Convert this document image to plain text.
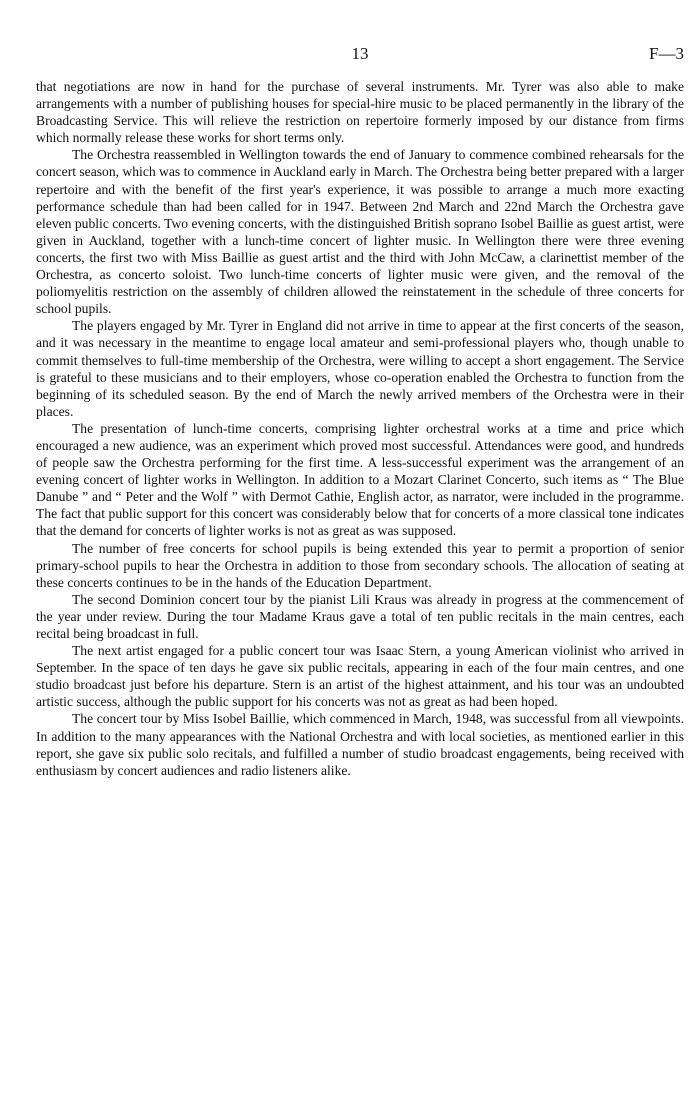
13	F—3

that negotiations are now in hand for the purchase of several instruments. Mr. Tyrer was also able to make arrangements with a number of publishing houses for special-hire music to be placed permanently in the library of the Broadcasting Service. This will relieve the restriction on repertoire formerly imposed by our distance from firms which normally release these works for short terms only.

The Orchestra reassembled in Wellington towards the end of January to commence combined rehearsals for the concert season, which was to commence in Auckland early in March. The Orchestra being better prepared with a larger repertoire and with the benefit of the first year's experience, it was possible to arrange a much more exacting performance schedule than had been called for in 1947. Between 2nd March and 22nd March the Orchestra gave eleven public concerts. Two evening concerts, with the distinguished British soprano Isobel Baillie as guest artist, were given in Auckland, together with a lunch-time concert of lighter music. In Wellington there were three evening concerts, the first two with Miss Baillie as guest artist and the third with John McCaw, a clarinettist member of the Orchestra, as concerto soloist. Two lunch-time concerts of lighter music were given, and the removal of the poliomyelitis restriction on the assembly of children allowed the reinstatement in the schedule of three concerts for school pupils.

The players engaged by Mr. Tyrer in England did not arrive in time to appear at the first concerts of the season, and it was necessary in the meantime to engage local amateur and semi-professional players who, though unable to commit themselves to full-time membership of the Orchestra, were willing to accept a short engagement. The Service is grateful to these musicians and to their employers, whose co-operation enabled the Orchestra to function from the beginning of its scheduled season. By the end of March the newly arrived members of the Orchestra were in their places.

The presentation of lunch-time concerts, comprising lighter orchestral works at a time and price which encouraged a new audience, was an experiment which proved most successful. Attendances were good, and hundreds of people saw the Orchestra performing for the first time. A less-successful experiment was the arrangement of an evening concert of lighter works in Wellington. In addition to a Mozart Clarinet Concerto, such items as “ The Blue Danube ” and “ Peter and the Wolf ” with Dermot Cathie, English actor, as narrator, were included in the programme. The fact that public support for this concert was considerably below that for concerts of a more classical tone indicates that the demand for concerts of lighter works is not as great as was supposed.

The number of free concerts for school pupils is being extended this year to permit a proportion of senior primary-school pupils to hear the Orchestra in addition to those from secondary schools. The allocation of seating at these concerts continues to be in the hands of the Education Department.

The second Dominion concert tour by the pianist Lili Kraus was already in progress at the commencement of the year under review. During the tour Madame Kraus gave a total of ten public recitals in the main centres, each recital being broadcast in full.

The next artist engaged for a public concert tour was Isaac Stern, a young American violinist who arrived in September. In the space of ten days he gave six public recitals, appearing in each of the four main centres, and one studio broadcast just before his departure. Stern is an artist of the highest attainment, and his tour was an undoubted artistic success, although the public support for his concerts was not as great as had been hoped.

The concert tour by Miss Isobel Baillie, which commenced in March, 1948, was successful from all viewpoints. In addition to the many appearances with the National Orchestra and with local societies, as mentioned earlier in this report, she gave six public solo recitals, and fulfilled a number of studio broadcast engagements, being received with enthusiasm by concert audiences and radio listeners alike.
